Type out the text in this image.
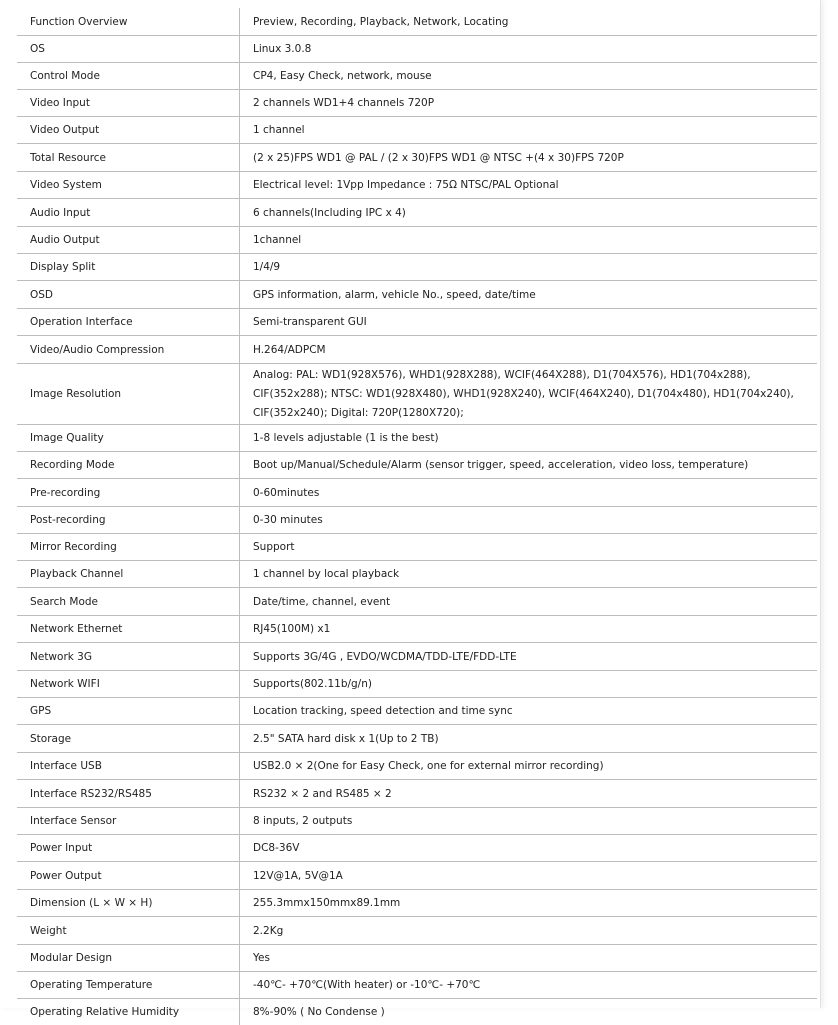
Function Overview	Preview, Recording, Playback, Network, Locating
OS	Linux 3.0.8
Control Mode	CP4, Easy Check, network, mouse
Video Input	2 channels WD1+4 channels 720P
Video Output	1 channel
Total Resource	(2 x 25)FPS WD1 @ PAL / (2 x 30)FPS WD1 @ NTSC +(4 x 30)FPS 720P
Video System	Electrical level: 1Vpp Impedance : 75Ω NTSC/PAL Optional
Audio Input	6 channels(Including IPC x 4)
Audio Output	1channel
Display Split	1/4/9
OSD	GPS information, alarm, vehicle No., speed, date/time
Operation Interface	Semi-transparent GUI
Video/Audio Compression	H.264/ADPCM
Image Resolution	Analog: PAL: WD1(928X576), WHD1(928X288), WCIF(464X288), D1(704X576), HD1(704x288), CIF(352x288); NTSC: WD1(928X480), WHD1(928X240), WCIF(464X240), D1(704x480), HD1(704x240), CIF(352x240); Digital: 720P(1280X720);
Image Quality	1-8 levels adjustable (1 is the best)
Recording Mode	Boot up/Manual/Schedule/Alarm (sensor trigger, speed, acceleration, video loss, temperature)
Pre-recording	0-60minutes
Post-recording	0-30 minutes
Mirror Recording	Support
Playback Channel	1 channel by local playback
Search Mode	Date/time, channel, event
Network Ethernet	RJ45(100M) x1
Network 3G	Supports 3G/4G , EVDO/WCDMA/TDD-LTE/FDD-LTE
Network WIFI	Supports(802.11b/g/n)
GPS	Location tracking, speed detection and time sync
Storage	2.5" SATA hard disk x 1(Up to 2 TB)
Interface USB	USB2.0 × 2(One for Easy Check, one for external mirror recording)
Interface RS232/RS485	RS232 × 2 and RS485 × 2
Interface Sensor	8 inputs, 2 outputs
Power Input	DC8-36V
Power Output	12V@1A, 5V@1A
Dimension (L × W × H)	255.3mmx150mmx89.1mm
Weight	2.2Kg
Modular Design	Yes
Operating Temperature	-40℃- +70℃(With heater) or -10℃- +70℃
Operating Relative Humidity	8%-90% ( No Condense )
